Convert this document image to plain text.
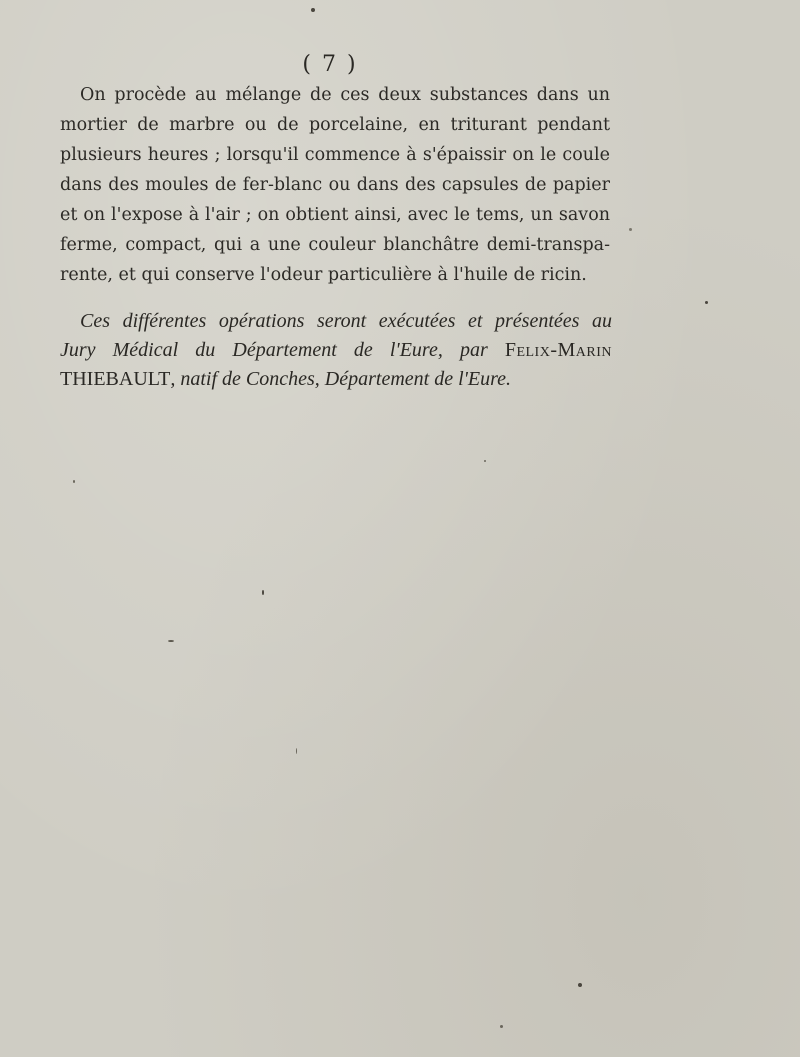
( 7 )
On procède au mélange de ces deux substances dans un
mortier de marbre ou de porcelaine, en triturant pendant
plusieurs heures ; lorsqu'il commence à s'épaissir on le coule
dans des moules de fer-blanc ou dans des capsules de papier
et on l'expose à l'air ; on obtient ainsi, avec le tems, un savon
ferme, compact, qui a une couleur blanchâtre demi-transpa-
rente, et qui conserve l'odeur particulière à l'huile de ricin.
Ces différentes opérations seront exécutées et présentées au
Jury Médical du Département de l'Eure, par Felix-Marin
THIEBAULT, natif de Conches, Département de l'Eure.
